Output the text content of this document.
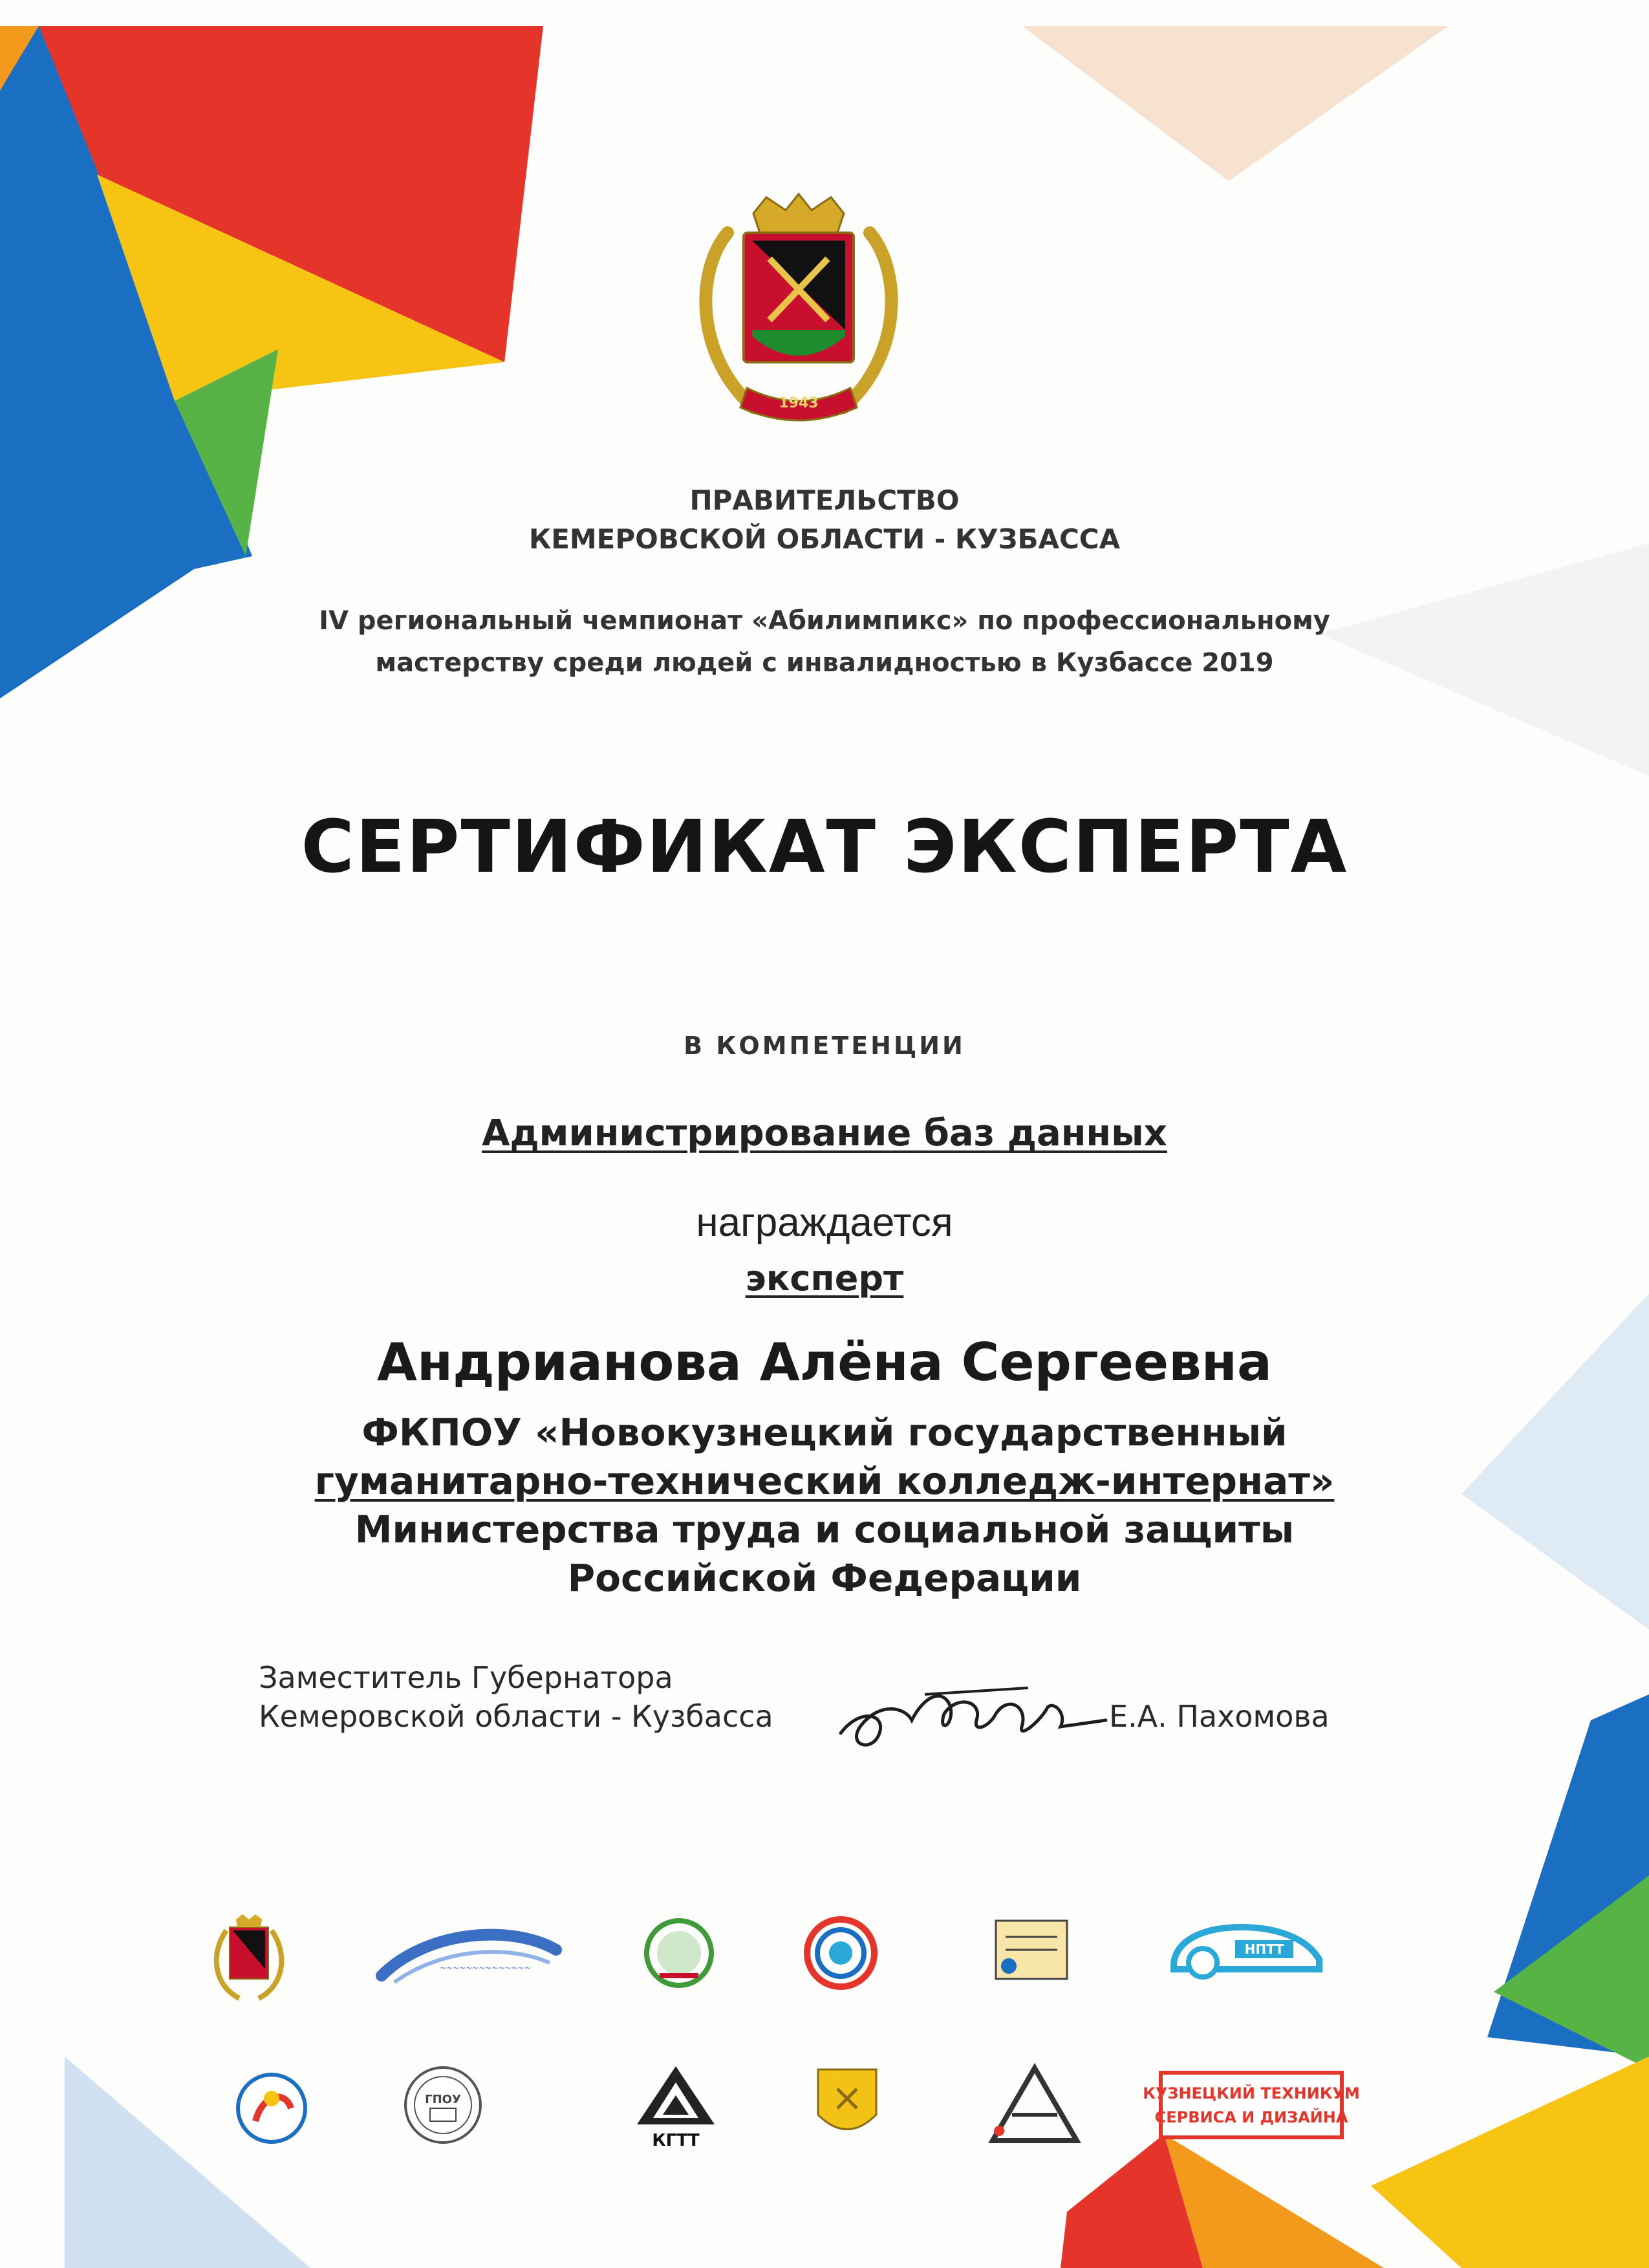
1943
ПРАВИТЕЛЬСТВО
КЕМЕРОВСКОЙ ОБЛАСТИ - КУЗБАССА
IV региональный чемпионат «Абилимпикс» по профессиональному
мастерству среди людей с инвалидностью в Кузбассе 2019
СЕРТИФИКАТ ЭКСПЕРТА
В КОМПЕТЕНЦИИ
Администрирование баз данных
награждается
эксперт
Андрианова Алёна Сергеевна
ФКПОУ «Новокузнецкий государственный
гуманитарно-технический колледж-интернат»
Министерства труда и социальной защиты
Российской Федерации
Заместитель Губернатора
Кемеровской области - Кузбасса	Е.А. Пахомова
~~~~~~~~~~~~~~
НПТТ
ГПОУ
КГТТ
КУЗНЕЦКИЙ ТЕХНИКУМ
СЕРВИСА И ДИЗАЙНА
